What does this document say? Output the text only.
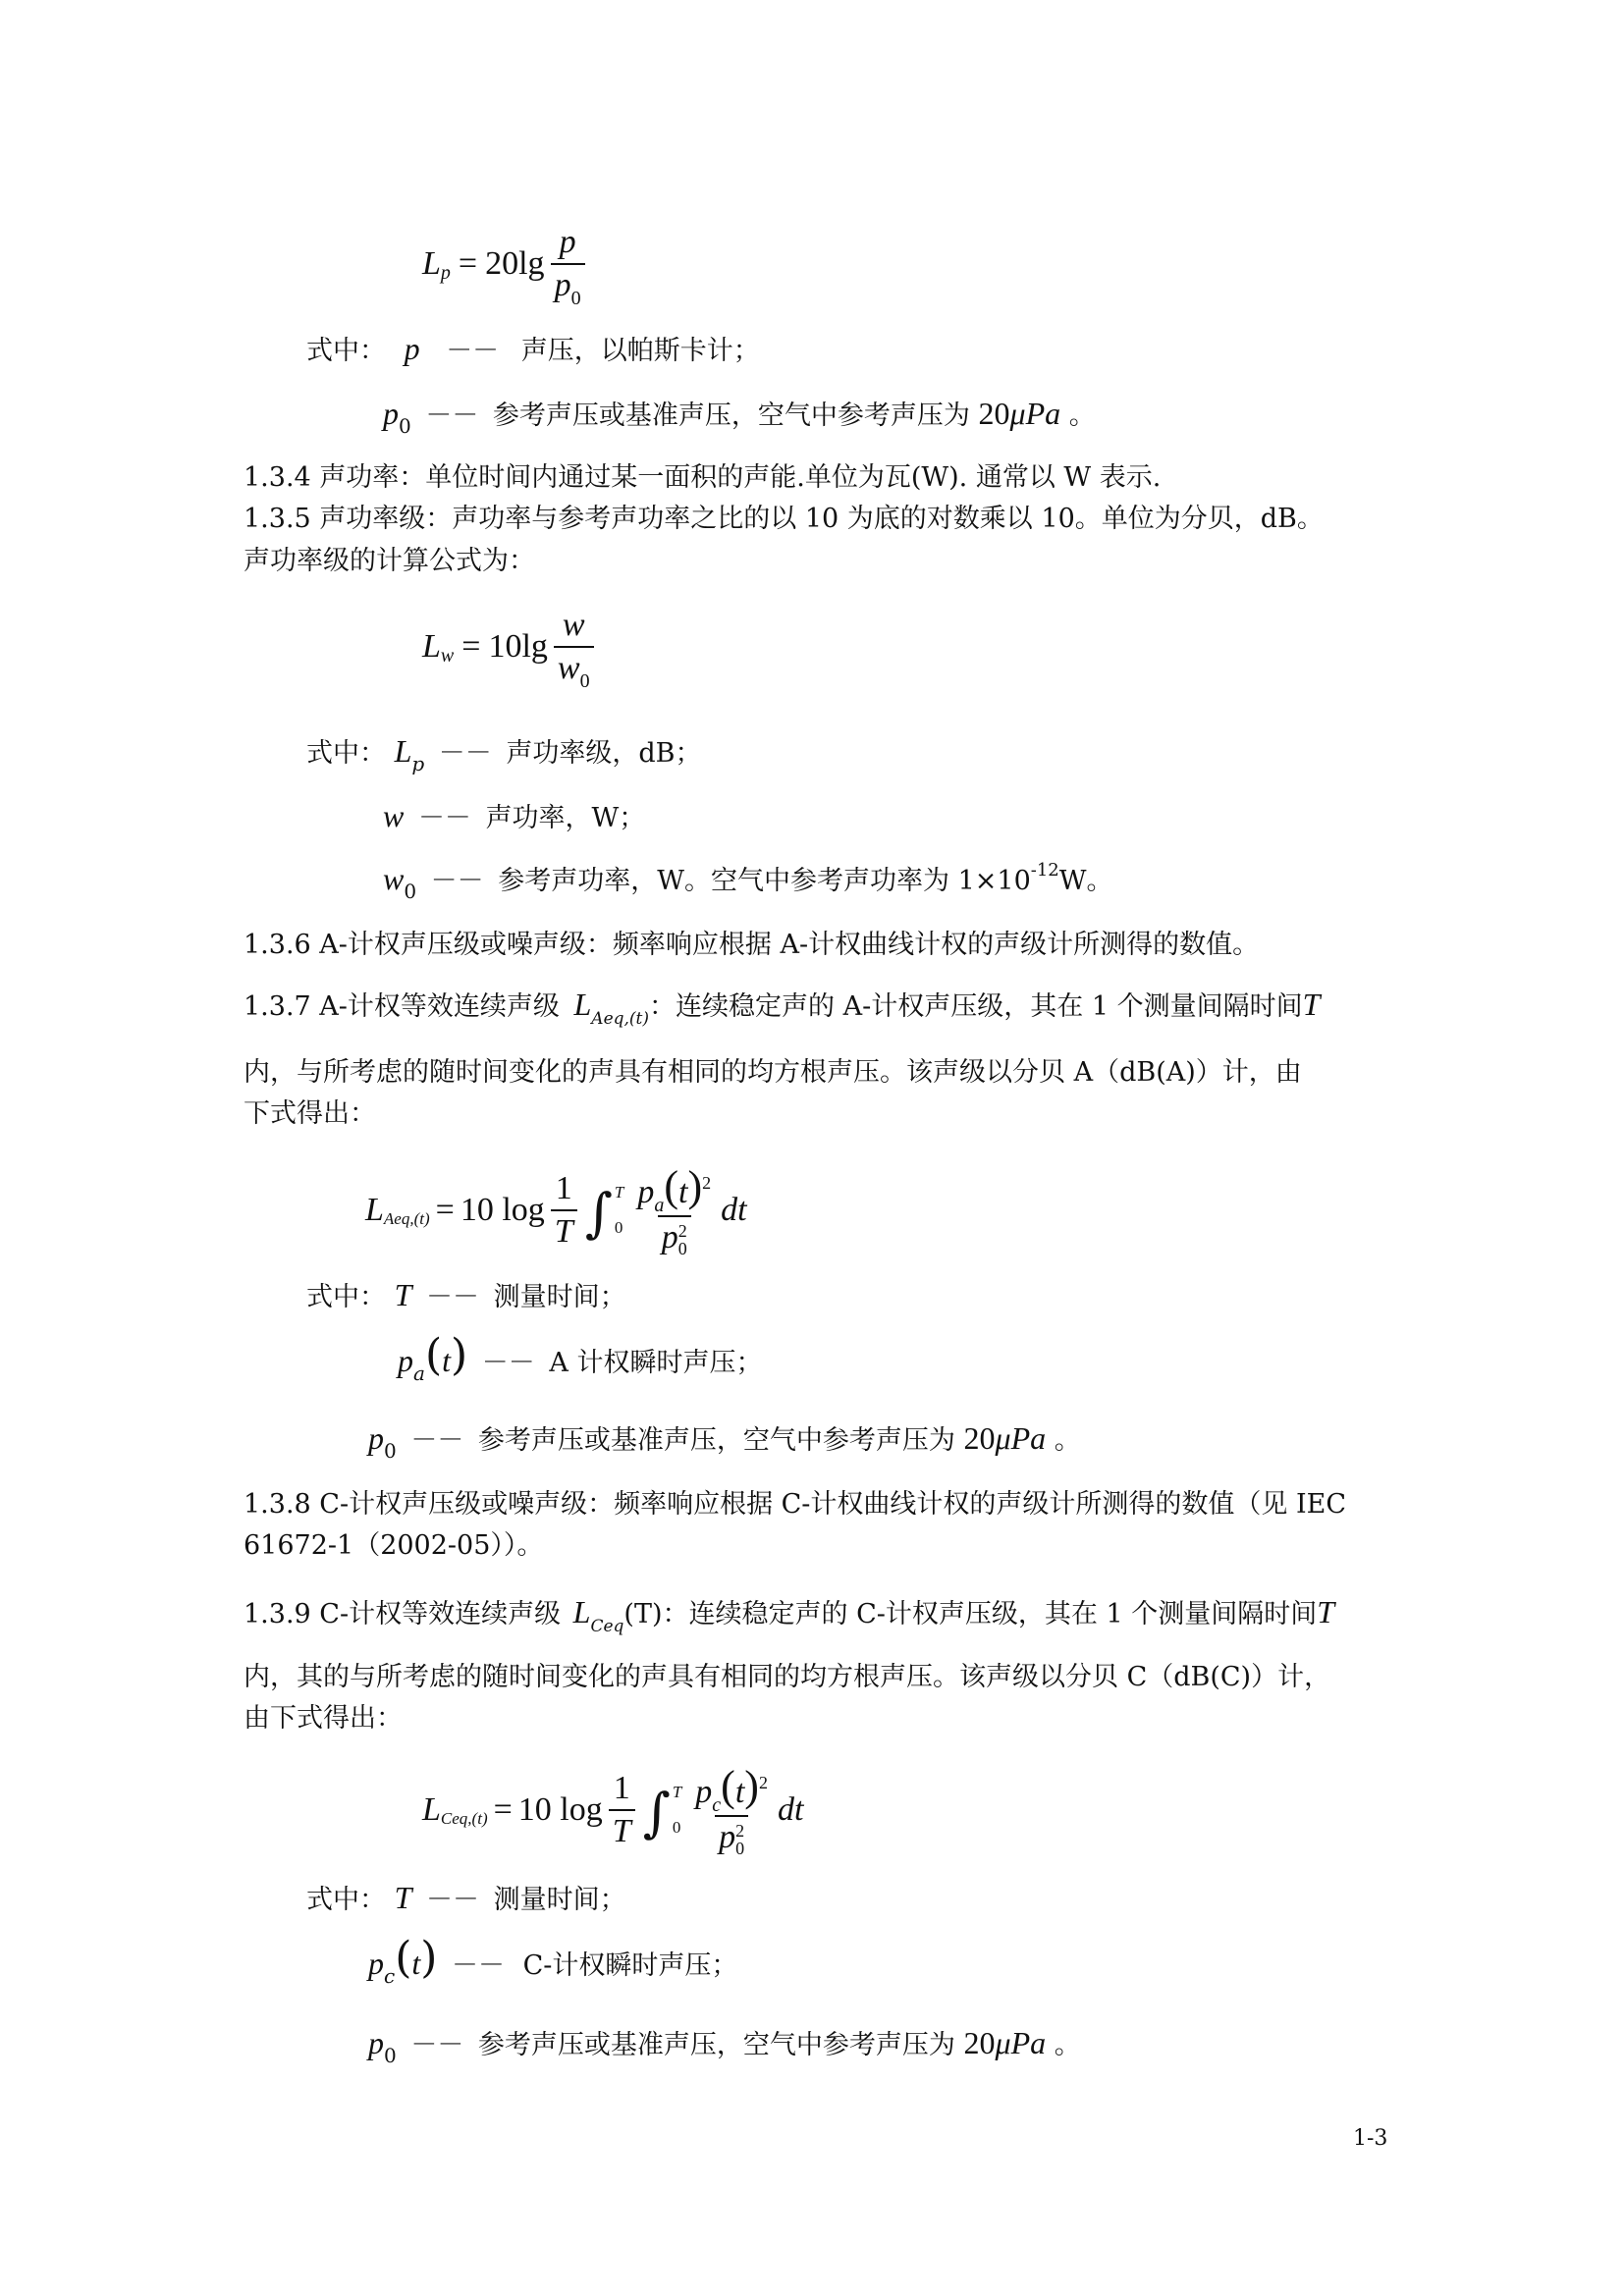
L $p = 20\lg \frac{p}{p_0}$
式中： p －－ 声压，以帕斯卡计；
$p_0$ －－ 参考声压或基准声压，空气中参考声压为 20μPa 。
1.3.4 声功率：单位时间内通过某一面积的声能.单位为瓦(W). 通常以 W 表示.
1.3.5 声功率级：声功率与参考声功率之比的以 10 为底的对数乘以 10。单位为分贝，dB。
声功率级的计算公式为：
L $w = 10\lg \frac{w}{w_0}$
式中： $L_p$ －－ 声功率级，dB；
w －－ 声功率，W；
$w_0$ －－ 参考声功率，W。空气中参考声功率为 $1\times 10^{-12}W$。
1.3.6 A-计权声压级或噪声级：频率响应根据 A-计权曲线计权的声级计所测得的数值。
1.3.7 A-计权等效连续声级 $L_{Aeq,(t)}$：连续稳定声的 A-计权声压级，其在 1 个测量间隔时间T
内，与所考虑的随时间变化的声具有相同的均方根声压。该声级以分贝 A（dB(A)）计，由
下式得出：
L Aeq,(t) = 10 $\log \frac{1}{T}$ ∫ T
0 $p_a(t)^2$
p 2
0 dt
式中： T －－ 测量时间；
$p_a(t) -- A$ 计权瞬时声压；
$p_0$ －－ 参考声压或基准声压，空气中参考声压为 20μPa 。
1.3.8 C-计权声压级或噪声级：频率响应根据 C-计权曲线计权的声级计所测得的数值（见 IEC
61672-1（2002-05））。
1.3.9 C-计权等效连续声级 $L_{Ceq}(T)$：连续稳定声的 C-计权声压级，其在 1 个测量间隔时间T
内，其的与所考虑的随时间变化的声具有相同的均方根声压。该声级以分贝 C（dB(C)）计，
由下式得出：
L Ceq,(t) = 10 $\log \frac{1}{T}$ ∫ T
0 $p_c(t)^2$
p 2
0 dt
式中： T －－ 测量时间；
$p_c(t) -- C-$计权瞬时声压；
$p_0$ －－ 参考声压或基准声压，空气中参考声压为 20μPa 。
1-3
